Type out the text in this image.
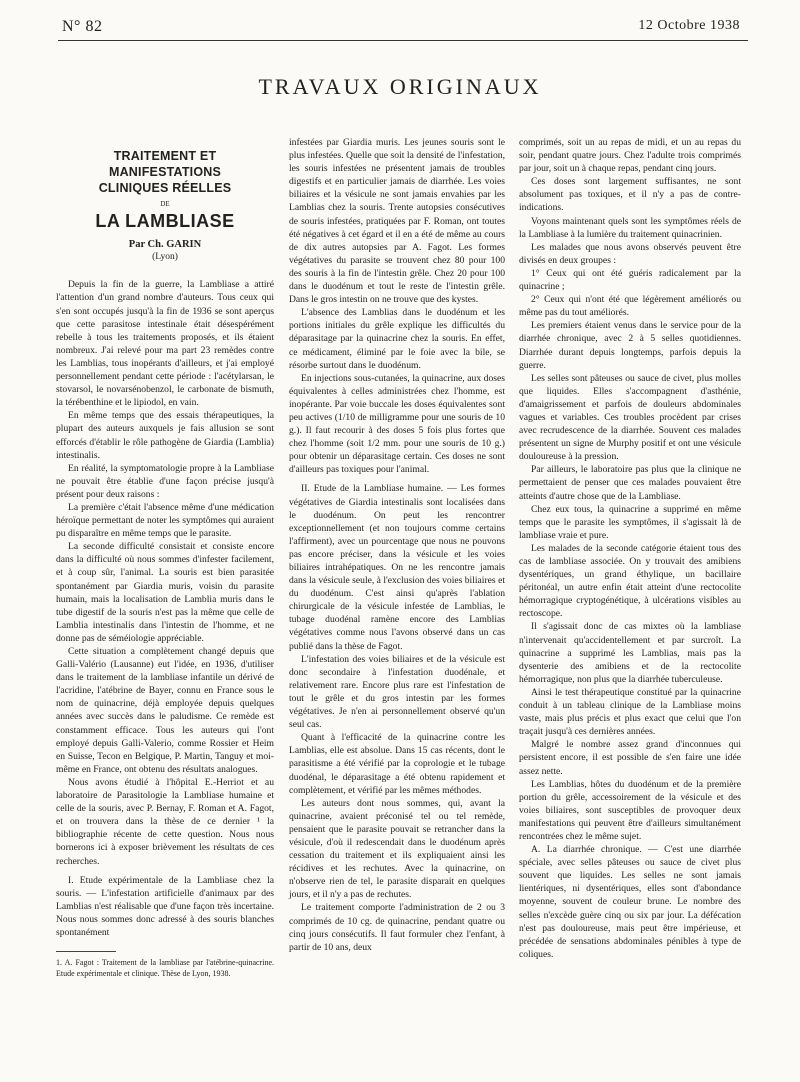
N° 82	12 Octobre 1938
TRAVAUX ORIGINAUX
TRAITEMENT ET MANIFESTATIONS
CLINIQUES RÉELLES
DE
LA LAMBLIASE
Par Ch. GARIN
(Lyon)

Depuis la fin de la guerre, la Lambliase a attiré l'attention d'un grand nombre d'auteurs. Tous ceux qui s'en sont occupés jusqu'à la fin de 1936 se sont aperçus que cette parasitose intestinale était désespérément rebelle à tous les traitements proposés, et ils étaient nombreux. J'ai relevé pour ma part 23 remèdes contre les Lamblias, tous inopérants d'ailleurs, et j'ai employé personnellement pendant cette période : l'acétylarsan, le stovarsol, le novarsénobenzol, le carbonate de bismuth, la térébenthine et le lipiodol, en vain.

En même temps que des essais thérapeutiques, la plupart des auteurs auxquels je fais allusion se sont efforcés d'établir le rôle pathogène de Giardia (Lamblia) intestinalis.

En réalité, la symptomatologie propre à la Lambliase ne pouvait être établie d'une façon précise jusqu'à présent pour deux raisons :

La première c'était l'absence même d'une médication héroïque permettant de noter les symptômes qui auraient pu disparaître en même temps que le parasite.

La seconde difficulté consistait et consiste encore dans la difficulté où nous sommes d'infester facilement, et à coup sûr, l'animal. La souris est bien parasitée spontanément par Giardia muris, voisin du parasite humain, mais la localisation de Lamblia muris dans le tube digestif de la souris n'est pas la même que celle de Lamblia intestinalis dans l'intestin de l'homme, et ne donne pas de séméiologie appréciable.

Cette situation a complètement changé depuis que Galli-Valério (Lausanne) eut l'idée, en 1936, d'utiliser dans le traitement de la lambliase infantile un dérivé de l'acridine, l'atébrine de Bayer, connu en France sous le nom de quinacrine, déjà employée depuis quelques années avec succès dans le paludisme. Ce remède est constamment efficace. Tous les auteurs qui l'ont employé depuis Galli-Valerio, comme Rossier et Heim en Suisse, Tecon en Belgique, P. Martin, Tanguy et moi-même en France, ont obtenu des résultats analogues.

Nous avons étudié à l'hôpital E.-Herriot et au laboratoire de Parasitologie la Lambliase humaine et celle de la souris, avec P. Bernay, F. Roman et A. Fagot, et on trouvera dans la thèse de ce dernier ¹ la bibliographie récente de cette question. Nous nous bornerons ici à exposer brièvement les résultats de ces recherches.

I. Etude expérimentale de la Lambliase chez la souris. — L'infestation artificielle d'animaux par des Lamblias n'est réalisable que d'une façon très incertaine. Nous nous sommes donc adressé à des souris blanches spontanément

1. A. Fagot : Traitement de la lambliase par l'atébrine-quinacrine. Etude expérimentale et clinique. Thèse de Lyon, 1938.

infestées par Giardia muris. Les jeunes souris sont le plus infestées. Quelle que soit la densité de l'infestation, les souris infestées ne présentent jamais de troubles digestifs et en particulier jamais de diarrhée. Les voies biliaires et la vésicule ne sont jamais envahies par les Lamblias chez la souris. Trente autopsies consécutives de souris infestées, pratiquées par F. Roman, ont toutes été négatives à cet égard et il en a été de même au cours de dix autres autopsies par A. Fagot. Les formes végétatives du parasite se trouvent chez 80 pour 100 des souris à la fin de l'intestin grêle. Chez 20 pour 100 dans le duodénum et tout le reste de l'intestin grêle. Dans le gros intestin on ne trouve que des kystes.

L'absence des Lamblias dans le duodénum et les portions initiales du grêle explique les difficultés du déparasitage par la quinacrine chez la souris. En effet, ce médicament, éliminé par le foie avec la bile, se résorbe surtout dans le duodénum.

En injections sous-cutanées, la quinacrine, aux doses équivalentes à celles administrées chez l'homme, est inopérante. Par voie buccale les doses équivalentes sont peu actives (1/10 de milligramme pour une souris de 10 g.). Il faut recourir à des doses 5 fois plus fortes que chez l'homme (soit 1/2 mm. pour une souris de 10 g.) pour obtenir un déparasitage certain. Ces doses ne sont d'ailleurs pas toxiques pour l'animal.

II. Etude de la Lambliase humaine. — Les formes végétatives de Giardia intestinalis sont localisées dans le duodénum. On peut les rencontrer exceptionnellement (et non toujours comme certains l'affirment), avec un pourcentage que nous ne pouvons pas encore préciser, dans la vésicule et les voies biliaires intrahépatiques. On ne les rencontre jamais dans la vésicule seule, à l'exclusion des voies biliaires et du duodénum. C'est ainsi qu'après l'ablation chirurgicale de la vésicule infestée de Lamblias, le tubage duodénal ramène encore des Lamblias végétatives comme nous l'avons observé dans un cas publié dans la thèse de Fagot.

L'infestation des voies biliaires et de la vésicule est donc secondaire à l'infestation duodénale, et relativement rare. Encore plus rare est l'infestation de tout le grêle et du gros intestin par les formes végétatives. Je n'en ai personnellement observé qu'un seul cas.

Quant à l'efficacité de la quinacrine contre les Lamblias, elle est absolue. Dans 15 cas récents, dont le parasitisme a été vérifié par la coprologie et le tubage duodénal, le déparasitage a été obtenu rapidement et complètement, et vérifié par les mêmes méthodes.

Les auteurs dont nous sommes, qui, avant la quinacrine, avaient préconisé tel ou tel remède, pensaient que le parasite pouvait se retrancher dans la vésicule, d'où il redescendait dans le duodénum après cessation du traitement et ils expliquaient ainsi les récidives et les rechutes. Avec la quinacrine, on n'observe rien de tel, le parasite disparait en quelques jours, et il n'y a pas de rechutes.

Le traitement comporte l'administration de 2 ou 3 comprimés de 10 cg. de quinacrine, pendant quatre ou cinq jours consécutifs. Il faut formuler chez l'enfant, à partir de 10 ans, deux

comprimés, soit un au repas de midi, et un au repas du soir, pendant quatre jours. Chez l'adulte trois comprimés par jour, soit un à chaque repas, pendant cinq jours.

Ces doses sont largement suffisantes, ne sont absolument pas toxiques, et il n'y a pas de contre-indications.

Voyons maintenant quels sont les symptômes réels de la Lambliase à la lumière du traitement quinacrinien.

Les malades que nous avons observés peuvent être divisés en deux groupes :

1° Ceux qui ont été guéris radicalement par la quinacrine ;

2° Ceux qui n'ont été que légèrement améliorés ou même pas du tout améliorés.

Les premiers étaient venus dans le service pour de la diarrhée chronique, avec 2 à 5 selles quotidiennes. Diarrhée durant depuis longtemps, parfois depuis la guerre.

Les selles sont pâteuses ou sauce de civet, plus molles que liquides. Elles s'accompagnent d'asthénie, d'amaigrissement et parfois de douleurs abdominales vagues et variables. Ces troubles procèdent par crises avec recrudescence de la diarrhée. Souvent ces malades présentent un signe de Murphy positif et ont une vésicule douloureuse à la pression.

Par ailleurs, le laboratoire pas plus que la clinique ne permettaient de penser que ces malades pouvaient être atteints d'autre chose que de la Lambliase.

Chez eux tous, la quinacrine a supprimé en même temps que le parasite les symptômes, il s'agissait là de lambliase vraie et pure.

Les malades de la seconde catégorie étaient tous des cas de lambliase associée. On y trouvait des amibiens dysentériques, un grand éthylique, un bacillaire péritonéal, un autre enfin était atteint d'une rectocolite hémorragique cryptogénétique, à ulcérations visibles au rectoscope.

Il s'agissait donc de cas mixtes où la lambliase n'intervenait qu'accidentellement et par surcroît. La quinacrine a supprimé les Lamblias, mais pas la dysenterie des amibiens et de la rectocolite hémorragique, non plus que la diarrhée tuberculeuse.

Ainsi le test thérapeutique constitué par la quinacrine conduit à un tableau clinique de la Lambliase moins vaste, mais plus précis et plus exact que celui que l'on traçait jusqu'à ces dernières années.

Malgré le nombre assez grand d'inconnues qui persistent encore, il est possible de s'en faire une idée assez nette.

Les Lamblias, hôtes du duodénum et de la première portion du grêle, accessoirement de la vésicule et des voies biliaires, sont susceptibles de provoquer deux manifestations qui peuvent être d'ailleurs simultanément rencontrées chez le même sujet.

A. La diarrhée chronique. — C'est une diarrhée spéciale, avec selles pâteuses ou sauce de civet plus souvent que liquides. Les selles ne sont jamais lientériques, ni dysentériques, elles sont d'abondance moyenne, souvent de couleur brune. Le nombre des selles n'excède guère cinq ou six par jour. La défécation n'est pas douloureuse, mais peut être impérieuse, et précédée de sensations abdominales pénibles à type de coliques.
